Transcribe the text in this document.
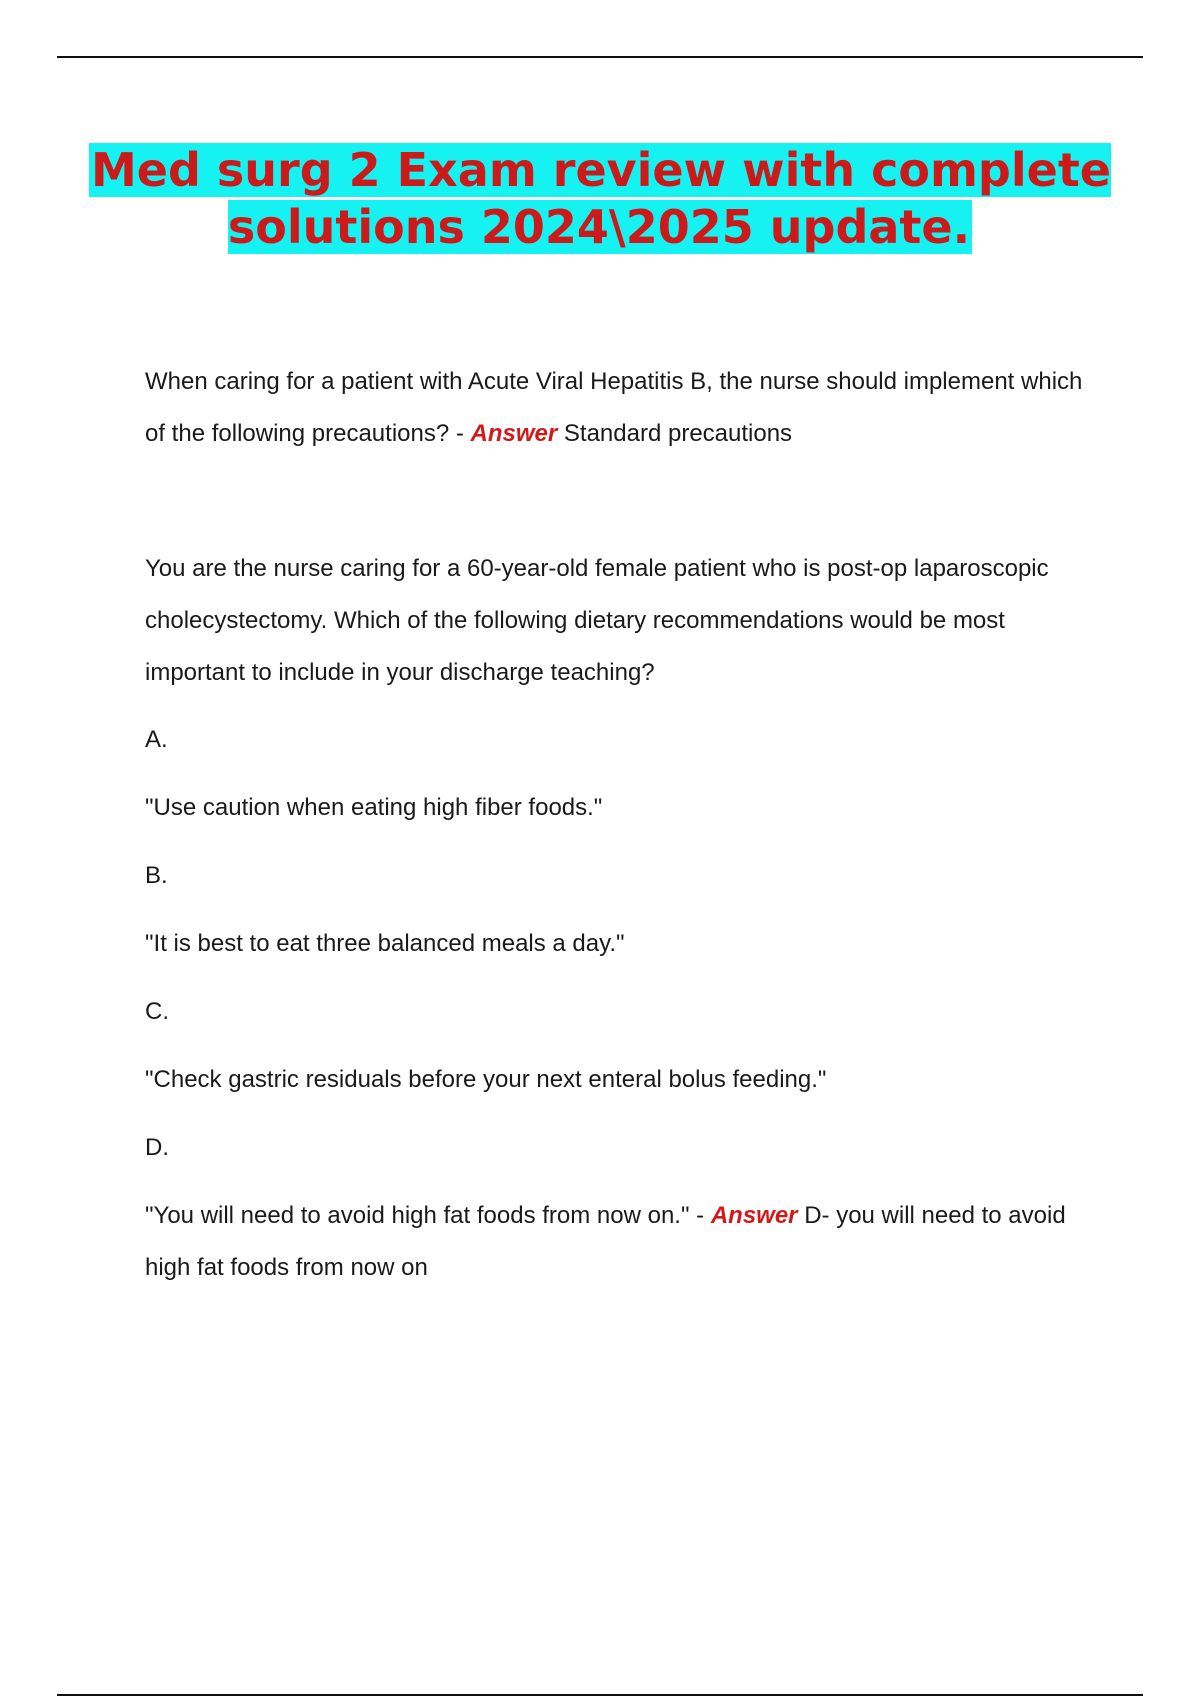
Med surg 2 Exam review with complete solutions 2024\2025 update.

When caring for a patient with Acute Viral Hepatitis B, the nurse should implement which of the following precautions? - Answer Standard precautions

You are the nurse caring for a 60-year-old female patient who is post-op laparoscopic cholecystectomy. Which of the following dietary recommendations would be most important to include in your discharge teaching?

A.

"Use caution when eating high fiber foods."

B.

"It is best to eat three balanced meals a day."

C.

"Check gastric residuals before your next enteral bolus feeding."

D.

"You will need to avoid high fat foods from now on." - Answer D- you will need to avoid high fat foods from now on
